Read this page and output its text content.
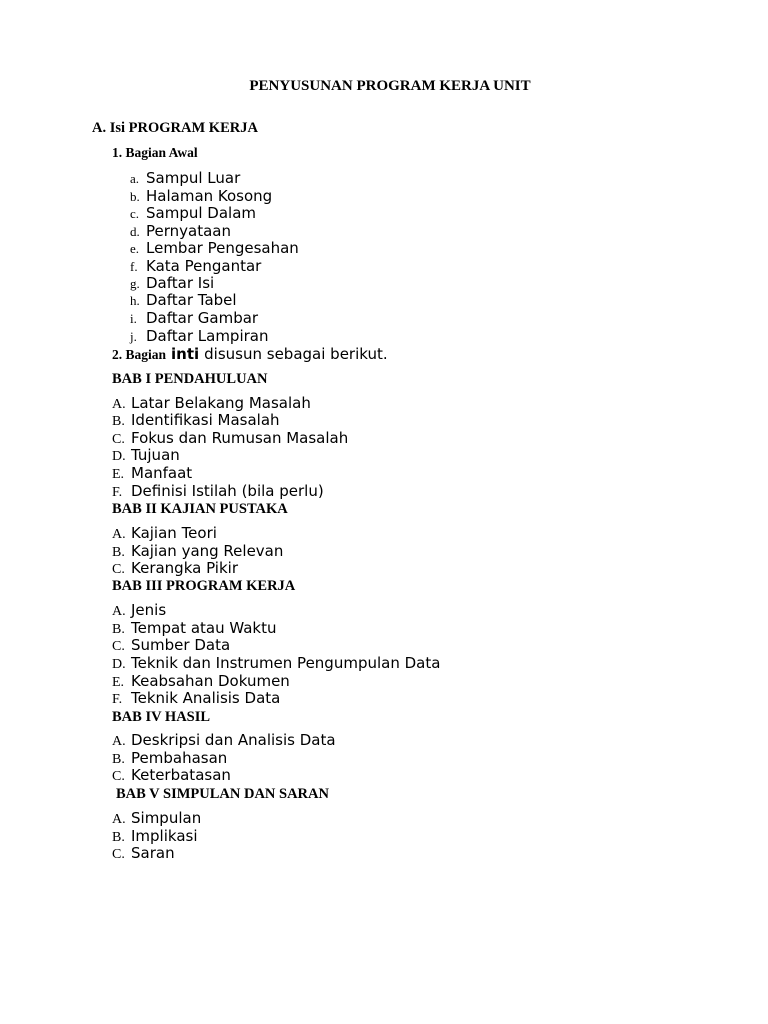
PENYUSUNAN PROGRAM KERJA UNIT
A. Isi PROGRAM KERJA
1. Bagian Awal
a. Sampul Luar
b. Halaman Kosong
c. Sampul Dalam
d. Pernyataan
e. Lembar Pengesahan
f. Kata Pengantar
g. Daftar Isi
h. Daftar Tabel
i. Daftar Gambar
j. Daftar Lampiran
2. Bagian inti disusun sebagai berikut.
BAB I PENDAHULUAN
A. Latar Belakang Masalah
B. Identifikasi Masalah
C. Fokus dan Rumusan Masalah
D. Tujuan
E. Manfaat
F. Definisi Istilah (bila perlu)
BAB II KAJIAN PUSTAKA
A. Kajian Teori
B. Kajian yang Relevan
C. Kerangka Pikir
BAB III PROGRAM KERJA
A. Jenis
B. Tempat atau Waktu
C. Sumber Data
D. Teknik dan Instrumen Pengumpulan Data
E. Keabsahan Dokumen
F. Teknik Analisis Data
BAB IV HASIL
A. Deskripsi dan Analisis Data
B. Pembahasan
C. Keterbatasan
BAB V SIMPULAN DAN SARAN
A. Simpulan
B. Implikasi
C. Saran
